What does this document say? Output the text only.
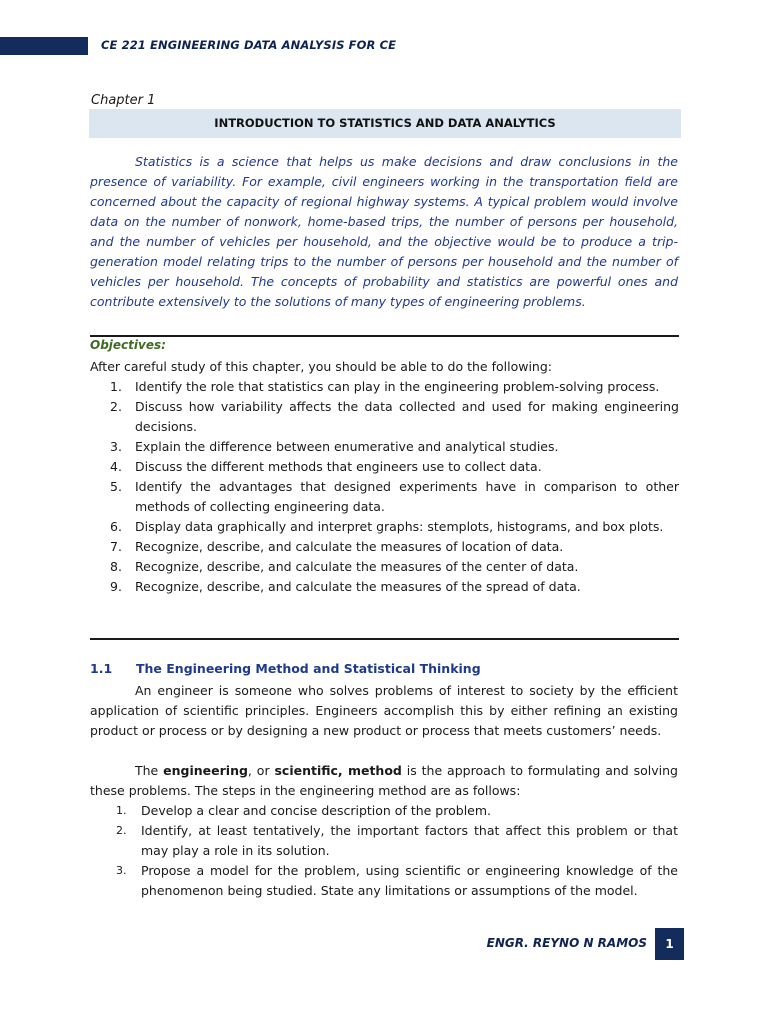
CE 221 ENGINEERING DATA ANALYSIS FOR CE
Chapter 1
INTRODUCTION TO STATISTICS AND DATA ANALYTICS

Statistics is a science that helps us make decisions and draw conclusions in the presence of variability. For example, civil engineers working in the transportation field are concerned about the capacity of regional highway systems. A typical problem would involve data on the number of nonwork, home-based trips, the number of persons per household, and the number of vehicles per household, and the objective would be to produce a trip-generation model relating trips to the number of persons per household and the number of vehicles per household. The concepts of probability and statistics are powerful ones and contribute extensively to the solutions of many types of engineering problems.

Objectives:

After careful study of this chapter, you should be able to do the following:

1.	Identify the role that statistics can play in the engineering problem-solving process.
2.	Discuss how variability affects the data collected and used for making engineering decisions.
3.	Explain the difference between enumerative and analytical studies.
4.	Discuss the different methods that engineers use to collect data.
5.	Identify the advantages that designed experiments have in comparison to other methods of collecting engineering data.
6.	Display data graphically and interpret graphs: stemplots, histograms, and box plots.
7.	Recognize, describe, and calculate the measures of location of data.
8.	Recognize, describe, and calculate the measures of the center of data.
9.	Recognize, describe, and calculate the measures of the spread of data.
1.1 The Engineering Method and Statistical Thinking

An engineer is someone who solves problems of interest to society by the efficient application of scientific principles. Engineers accomplish this by either refining an existing product or process or by designing a new product or process that meets customers’ needs.

The engineering, or scientific, method is the approach to formulating and solving these problems. The steps in the engineering method are as follows:

1. Develop a clear and concise description of the problem.
2. Identify, at least tentatively, the important factors that affect this problem or that may play a role in its solution.
3. Propose a model for the problem, using scientific or engineering knowledge of the phenomenon being studied. State any limitations or assumptions of the model.
ENGR. REYNO N RAMOS	1
